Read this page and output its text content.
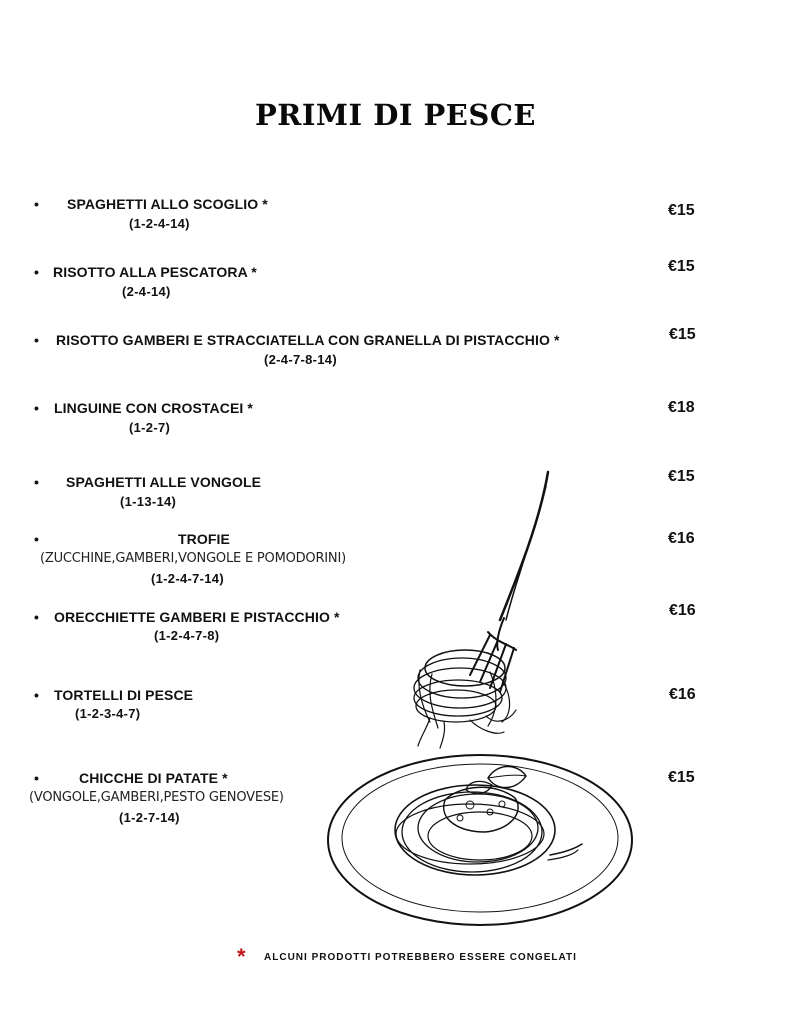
PRIMI DI PESCE
• SPAGHETTI ALLO SCOGLIO *
(1-2-4-14)
€15
• RISOTTO ALLA PESCATORA *
(2-4-14)
€15
• RISOTTO GAMBERI E STRACCIATELLA CON GRANELLA DI PISTACCHIO *
(2-4-7-8-14)
€15
• LINGUINE CON CROSTACEI *
(1-2-7)
€18
• SPAGHETTI ALLE VONGOLE
(1-13-14)
€15
•	TROFIE
(ZUCCHINE,GAMBERI,VONGOLE E POMODORINI)
(1-2-4-7-14)
€16
• ORECCHIETTE GAMBERI E PISTACCHIO *
(1-2-4-7-8)
€16
• TORTELLI DI PESCE
(1-2-3-4-7)
€16
•	CHICCHE DI PATATE *
(VONGOLE,GAMBERI,PESTO GENOVESE)
(1-2-7-14)
€15
* ALCUNI PRODOTTI POTREBBERO ESSERE CONGELATI
